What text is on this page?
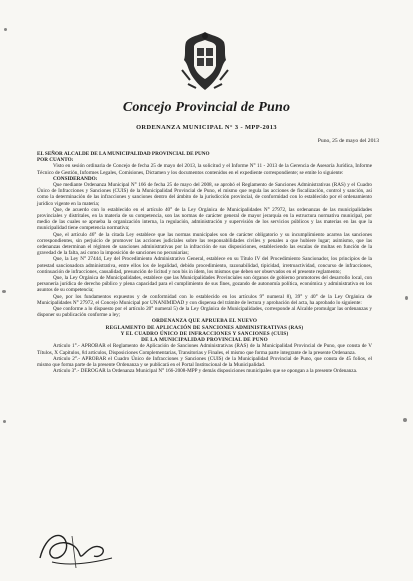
Concejo Provincial de Puno
ORDENANZA MUNICIPAL N° 3 - MPP-2013
Puno, 25 de mayo del 2013

EL SEÑOR ALCALDE DE LA MUNICIPALIDAD PROVINCIAL DE PUNO

POR CUANTO:

Visto en sesión ordinaria de Concejo de fecha 25 de mayo del 2013, la solicitud y el Informe N° 11 - 2013 de la Gerencia de Asesoría Jurídica, Informe Técnico de Gestión, Informes Legales, Comisiones, Dictamen y los documentos contenidos en el expediente correspondiente; se emite lo siguiente:

CONSIDERANDO:

Que mediante Ordenanza Municipal N° 166 de fecha 25 de mayo del 2008, se aprobó el Reglamento de Sanciones Administrativas (RAS) y el Cuadro Único de Infracciones y Sanciones (CUIS) de la Municipalidad Provincial de Puno, el mismo que regula las acciones de fiscalización, control y sanción, así como la determinación de las infracciones y sanciones dentro del ámbito de la jurisdicción provincial, de conformidad con lo establecido por el ordenamiento jurídico vigente en la materia;

Que, de acuerdo con lo establecido en el artículo 40° de la Ley Orgánica de Municipalidades N° 27972, las ordenanzas de las municipalidades provinciales y distritales, en la materia de su competencia, son las normas de carácter general de mayor jerarquía en la estructura normativa municipal, por medio de las cuales se aprueba la organización interna, la regulación, administración y supervisión de los servicios públicos y las materias en las que la municipalidad tiene competencia normativa;

Que, el artículo 46° de la citada Ley establece que las normas municipales son de carácter obligatorio y su incumplimiento acarrea las sanciones correspondientes, sin perjuicio de promover las acciones judiciales sobre las responsabilidades civiles y penales a que hubiere lugar; asimismo, que las ordenanzas determinan el régimen de sanciones administrativas por la infracción de sus disposiciones, estableciendo las escalas de multas en función de la gravedad de la falta, así como la imposición de sanciones no pecuniarias;

Que, la Ley N° 27444, Ley del Procedimiento Administrativo General, establece en su Título IV del Procedimiento Sancionador, los principios de la potestad sancionadora administrativa, entre ellos los de legalidad, debido procedimiento, razonabilidad, tipicidad, irretroactividad, concurso de infracciones, continuación de infracciones, causalidad, presunción de licitud y non bis in ídem, los mismos que deben ser observados en el presente reglamento;

Que, la Ley Orgánica de Municipalidades, establece que las Municipalidades Provinciales son órganos de gobierno promotores del desarrollo local, con personería jurídica de derecho público y plena capacidad para el cumplimiento de sus fines, gozando de autonomía política, económica y administrativa en los asuntos de su competencia;

Que, por los fundamentos expuestos y de conformidad con lo establecido en los artículos 9° numeral 8), 39° y 40° de la Ley Orgánica de Municipalidades N° 27972, el Concejo Municipal por UNANIMIDAD y con dispensa del trámite de lectura y aprobación del acta, ha aprobado lo siguiente:

Que conforme a lo dispuesto por el artículo 20° numeral 5) de la Ley Orgánica de Municipalidades, corresponde al Alcalde promulgar las ordenanzas y disponer su publicación conforme a ley;

ORDENANZA QUE APRUEBA EL NUEVO

REGLAMENTO DE APLICACIÓN DE SANCIONES ADMINISTRATIVAS (RAS)

Y EL CUADRO ÚNICO DE INFRACCIONES Y SANCIONES (CUIS)

DE LA MUNICIPALIDAD PROVINCIAL DE PUNO

Artículo 1°.- APROBAR el Reglamento de Aplicación de Sanciones Administrativas (RAS) de la Municipalidad Provincial de Puno, que consta de V Títulos, X Capítulos, 84 artículos, Disposiciones Complementarias, Transitorias y Finales, el mismo que forma parte integrante de la presente Ordenanza.

Artículo 2°.- APROBAR el Cuadro Único de Infracciones y Sanciones (CUIS) de la Municipalidad Provincial de Puno, que consta de 45 folios, el mismo que forma parte de la presente Ordenanza y se publicará en el Portal Institucional de la Municipalidad.

Artículo 3°.- DEROGAR la Ordenanza Municipal N° 166-2008-MPP y demás disposiciones municipales que se opongan a la presente Ordenanza.
